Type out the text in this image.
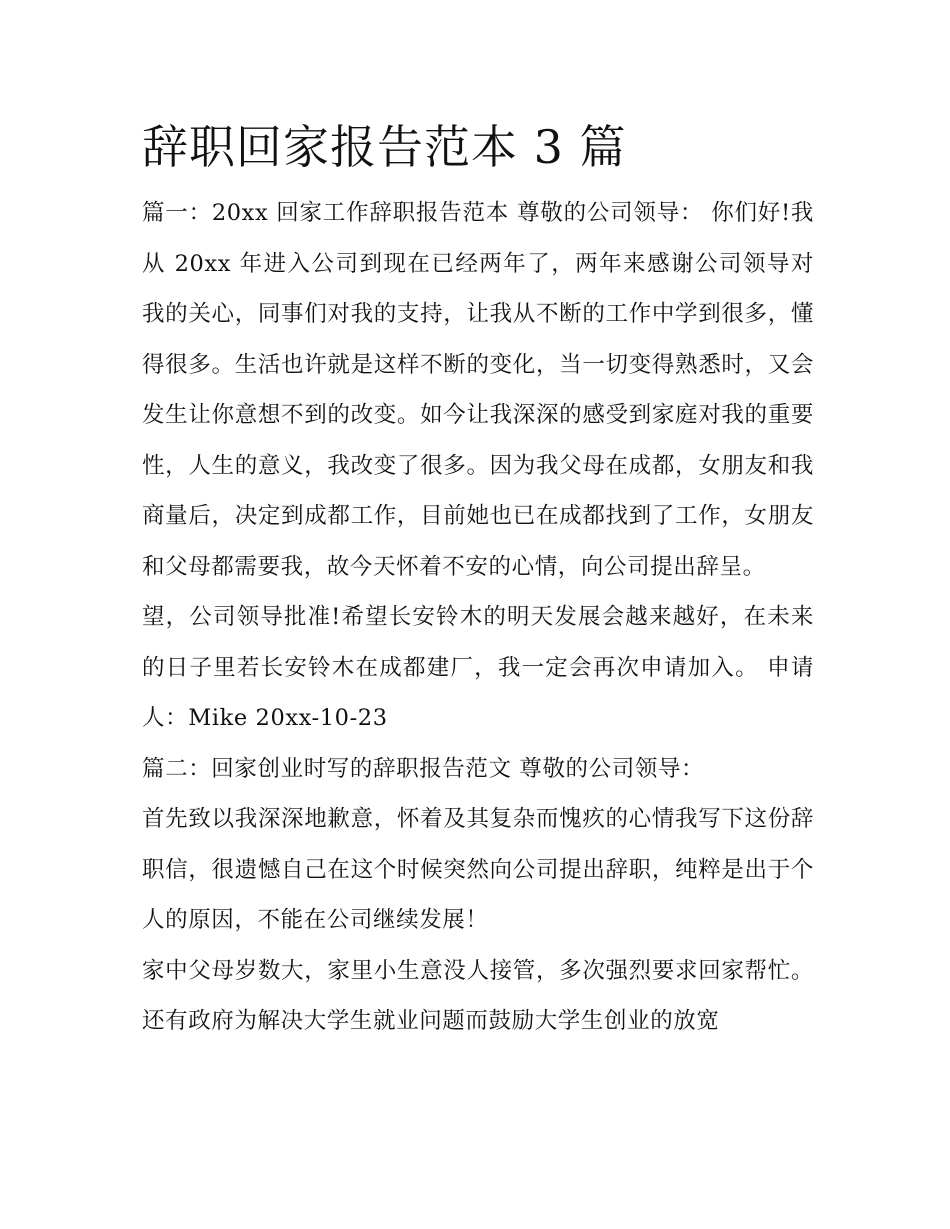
辞职回家报告范本 3 篇

篇一：20xx 回家工作辞职报告范本 尊敬的公司领导： 你们好!我从 20xx 年进入公司到现在已经两年了，两年来感谢公司领导对我的关心，同事们对我的支持，让我从不断的工作中学到很多，懂得很多。生活也许就是这样不断的变化，当一切变得熟悉时，又会发生让你意想不到的改变。如今让我深深的感受到家庭对我的重要性，人生的意义，我改变了很多。因为我父母在成都，女朋友和我商量后，决定到成都工作，目前她也已在成都找到了工作，女朋友和父母都需要我，故今天怀着不安的心情，向公司提出辞呈。

望，公司领导批准!希望长安铃木的明天发展会越来越好，在未来的日子里若长安铃木在成都建厂，我一定会再次申请加入。 申请人：Mike 20xx-10-23

篇二：回家创业时写的辞职报告范文 尊敬的公司领导：

首先致以我深深地歉意，怀着及其复杂而愧疚的心情我写下这份辞职信，很遗憾自己在这个时候突然向公司提出辞职，纯粹是出于个人的原因，不能在公司继续发展！

家中父母岁数大，家里小生意没人接管，多次强烈要求回家帮忙。还有政府为解决大学生就业问题而鼓励大学生创业的放宽
